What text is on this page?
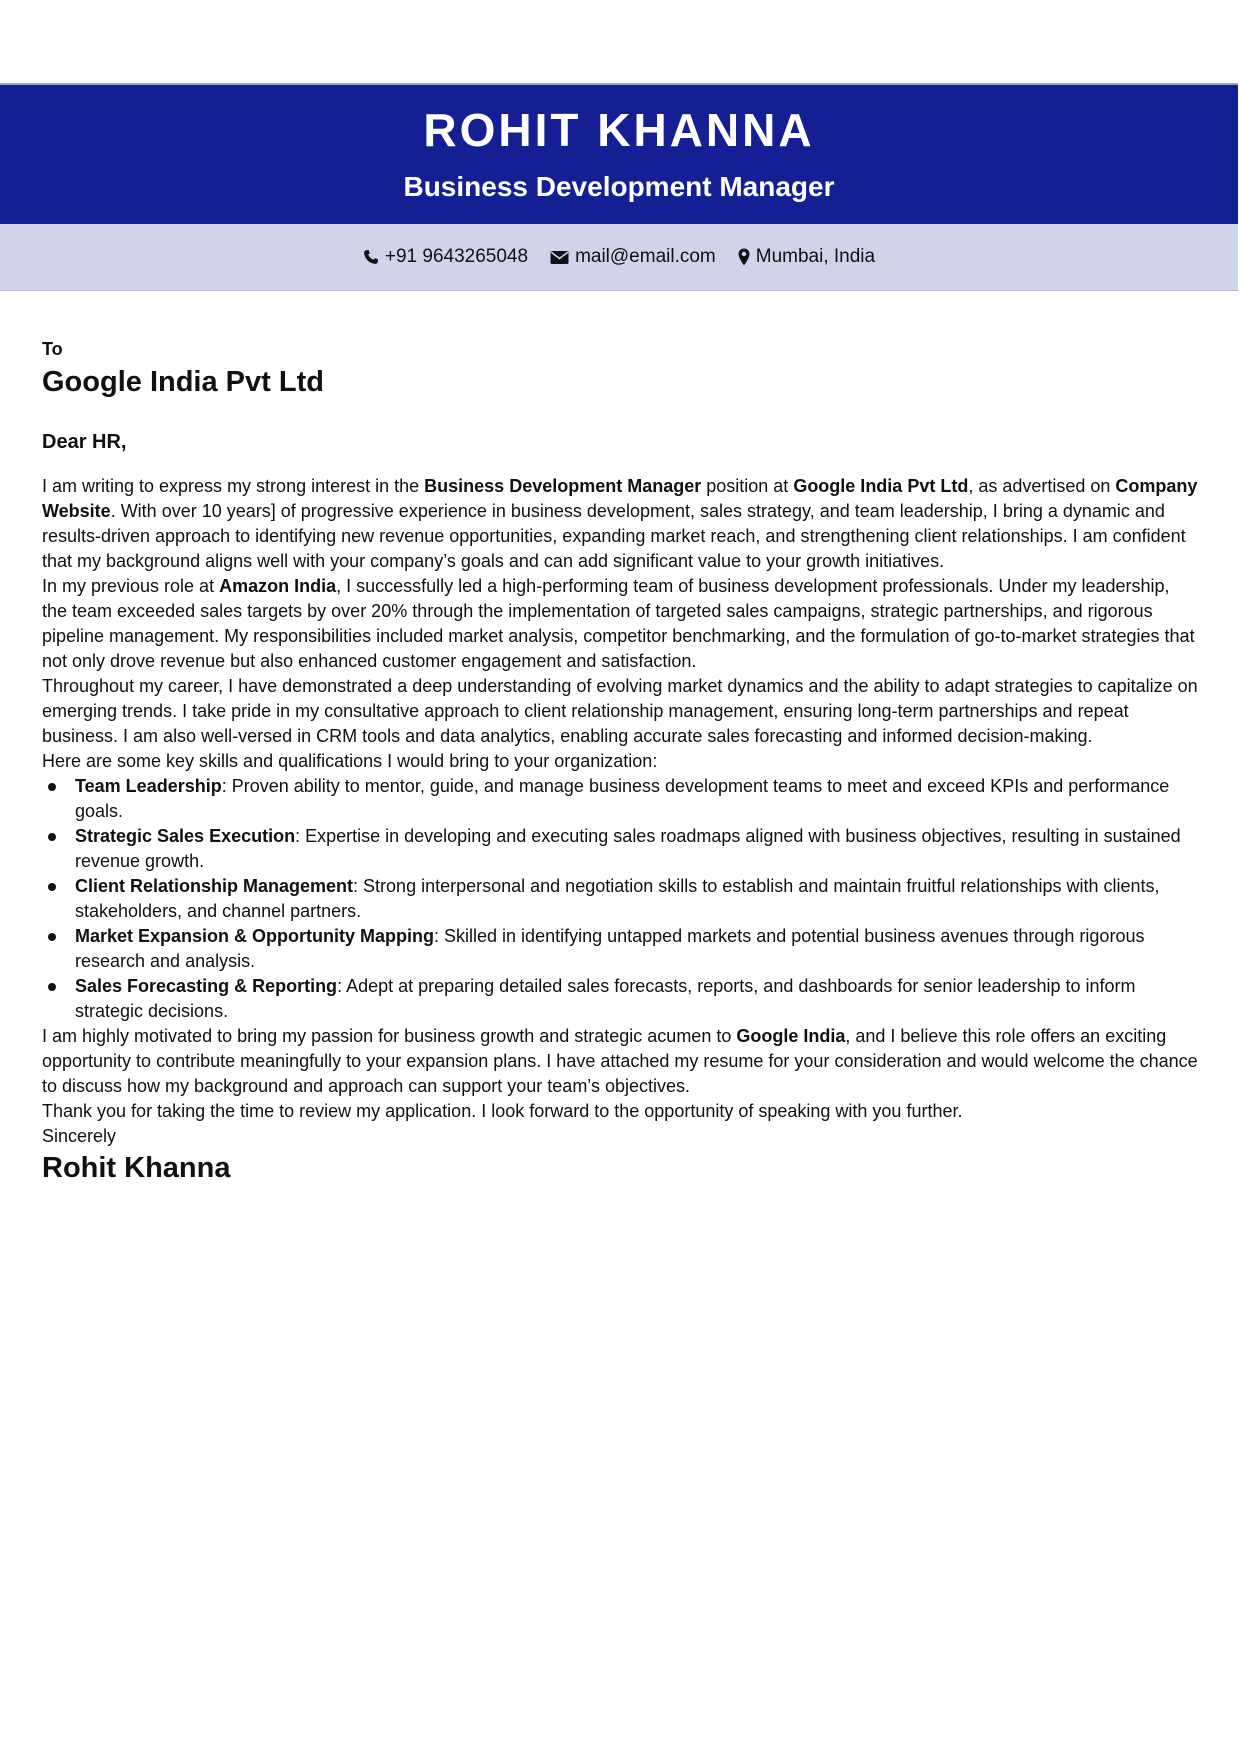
ROHIT KHANNA
Business Development Manager
+91 9643265048 mail@email.com Mumbai, India
To
Google India Pvt Ltd
Dear HR,

I am writing to express my strong interest in the Business Development Manager position at Google India Pvt Ltd, as advertised on Company Website. With over 10 years] of progressive experience in business development, sales strategy, and team leadership, I bring a dynamic and results-driven approach to identifying new revenue opportunities, expanding market reach, and strengthening client relationships. I am confident that my background aligns well with your company’s goals and can add significant value to your growth initiatives.

In my previous role at Amazon India, I successfully led a high-performing team of business development professionals. Under my leadership, the team exceeded sales targets by over 20% through the implementation of targeted sales campaigns, strategic partnerships, and rigorous pipeline management. My responsibilities included market analysis, competitor benchmarking, and the formulation of go-to-market strategies that not only drove revenue but also enhanced customer engagement and satisfaction.

Throughout my career, I have demonstrated a deep understanding of evolving market dynamics and the ability to adapt strategies to capitalize on emerging trends. I take pride in my consultative approach to client relationship management, ensuring long-term partnerships and repeat business. I am also well-versed in CRM tools and data analytics, enabling accurate sales forecasting and informed decision-making.

Here are some key skills and qualifications I would bring to your organization:

Team Leadership: Proven ability to mentor, guide, and manage business development teams to meet and exceed KPIs and performance goals.
Strategic Sales Execution: Expertise in developing and executing sales roadmaps aligned with business objectives, resulting in sustained revenue growth.
Client Relationship Management: Strong interpersonal and negotiation skills to establish and maintain fruitful relationships with clients, stakeholders, and channel partners.
Market Expansion & Opportunity Mapping: Skilled in identifying untapped markets and potential business avenues through rigorous research and analysis.
Sales Forecasting & Reporting: Adept at preparing detailed sales forecasts, reports, and dashboards for senior leadership to inform strategic decisions.

I am highly motivated to bring my passion for business growth and strategic acumen to Google India, and I believe this role offers an exciting opportunity to contribute meaningfully to your expansion plans. I have attached my resume for your consideration and would welcome the chance to discuss how my background and approach can support your team’s objectives.

Thank you for taking the time to review my application. I look forward to the opportunity of speaking with you further.

Sincerely

Rohit Khanna
